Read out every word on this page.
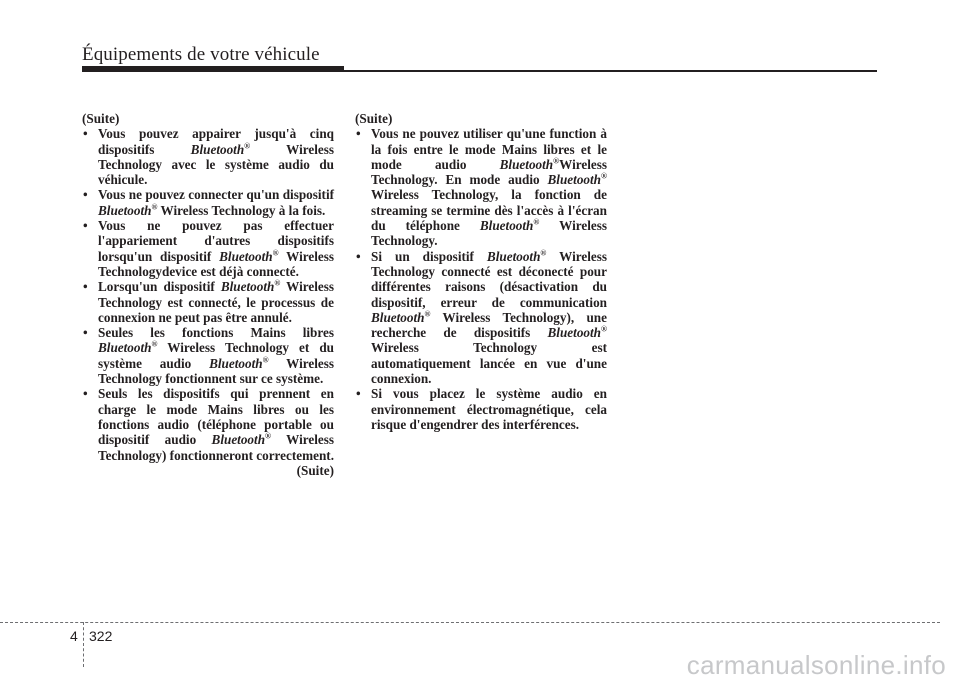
Équipements de votre véhicule
(Suite)
• Vous pouvez appairer jusqu'à cinq dispositifs Bluetooth® Wireless Technology avec le système audio du véhicule.
• Vous ne pouvez connecter qu'un dispositif Bluetooth® Wireless Technology à la fois.
• Vous ne pouvez pas effectuer l'appariement d'autres dispositifs lorsqu'un dispositif Bluetooth® Wireless Technologydevice est déjà connecté.
• Lorsqu'un dispositif Bluetooth® Wireless Technology est connecté, le processus de connexion ne peut pas être annulé.
• Seules les fonctions Mains libres Bluetooth® Wireless Technology et du système audio Bluetooth® Wireless Technology fonctionnent sur ce système.
• Seuls les dispositifs qui prennent en charge le mode Mains libres ou les fonctions audio (téléphone portable ou dispositif audio Bluetooth® Wireless Technology) fonctionneront correctement.
(Suite)
(Suite)
• Vous ne pouvez utiliser qu'une function à la fois entre le mode Mains libres et le mode audio Bluetooth®Wireless Technology. En mode audio Bluetooth® Wireless Technology, la fonction de streaming se termine dès l'accès à l'écran du téléphone Bluetooth® Wireless Technology.
• Si un dispositif Bluetooth® Wireless Technology connecté est déconecté pour différentes raisons (désactivation du dispositif, erreur de communication Bluetooth® Wireless Technology), une recherche de dispositifs Bluetooth® Wireless Technology est automatiquement lancée en vue d'une connexion.
• Si vous placez le système audio en environnement électromagnétique, cela risque d'engendrer des interférences.
4 322
carmanualsonline.info
